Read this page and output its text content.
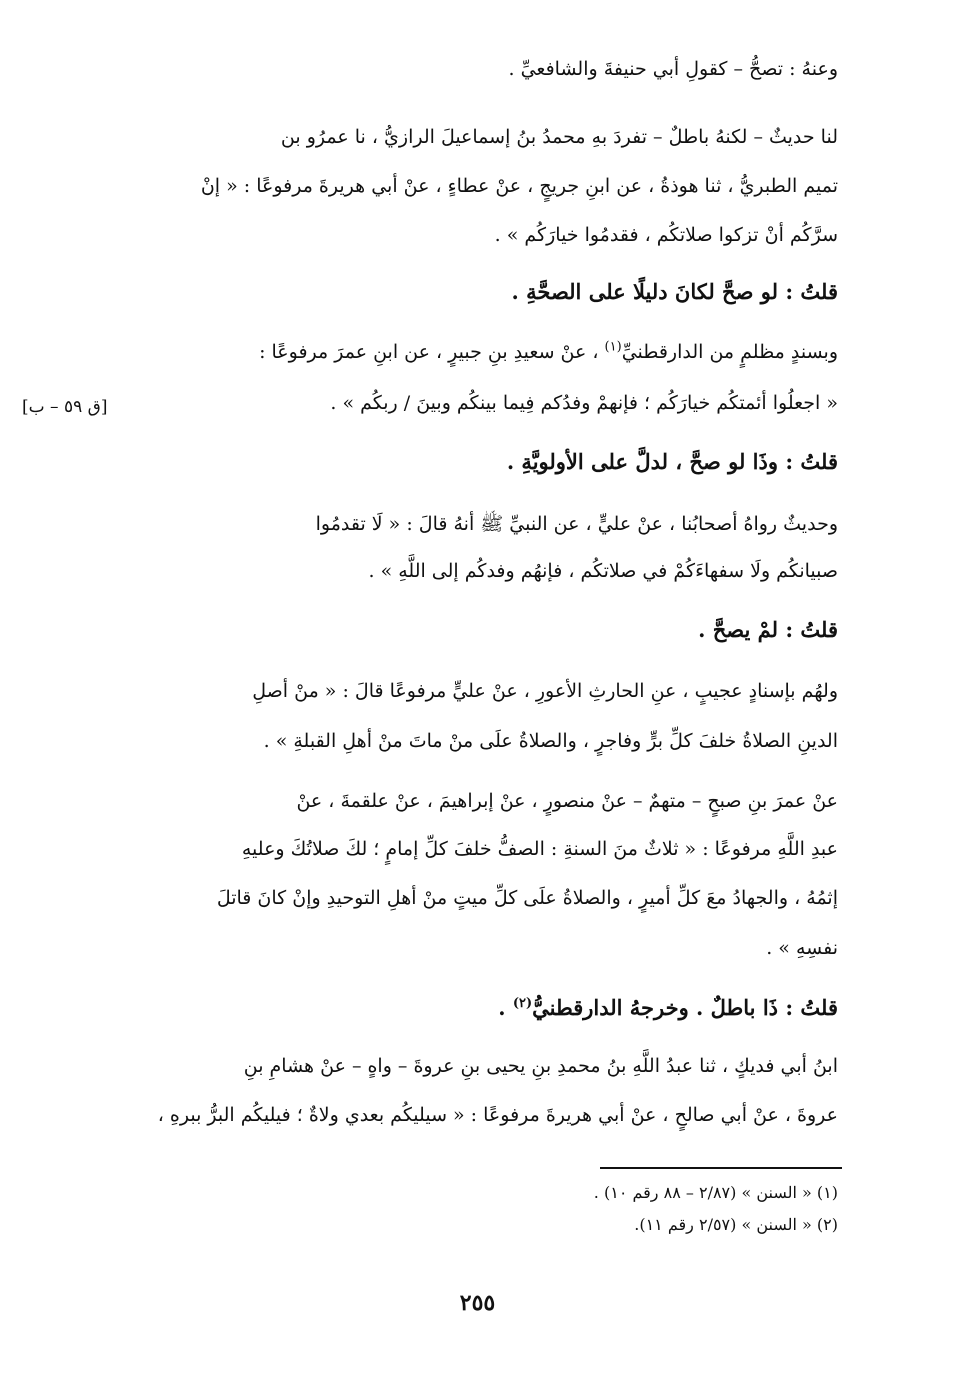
وعنهُ : تصحُّ – كقولِ أبي حنيفةَ والشافعيِّ .
لنا حديثٌ – لكنهُ باطلٌ – تفردَ بهِ محمدُ بنُ إسماعيلَ الرازيُّ ، نا عمرُو بن
تميم الطبريُّ ، ثنا هوذةُ ، عن ابنِ جريجٍ ، عنْ عطاءٍ ، عنْ أبي هريرةَ مرفوعًا : « إنْ
سرَّكُم أنْ تزكوا صلاتكُم ، فقدمُوا خيارَكُم » .
قلتُ : لو صحَّ لكانَ دليلًا على الصحَّةِ .
وبسندٍ مظلمٍ من الدارقطنيِّ$^{(١)}$ ، عنْ سعيدِ بنِ جبيرٍ ، عن ابنِ عمرَ مرفوعًا :
« اجعلُوا أئمتكُم خيارَكُم ؛ فإنهمْ وفدُكم فِيما بينكُم وبينَ / ربكُم » .
[ق ٥٩ – ب]
قلتُ : وذَا لو صحَّ ، لدلَّ على الأولويَّةِ .
وحديثٌ رواهُ أصحابُنا ، عنْ عليٍّ ، عن النبيِّ ﷺ أنهُ قالَ : « لَا تقدمُوا
صبيانكُم ولَا سفهاءَكُمْ في صلاتكُم ، فإنهُم وفدكُم إلى اللَّهِ » .
قلتُ : لمْ يصحَّ .
ولهُم بإسنادٍ عجيبٍ ، عنِ الحارثِ الأعورِ ، عنْ عليٍّ مرفوعًا قالَ : « منْ أصلِ
الدينِ الصلاةُ خلفَ كلِّ برٍّ وفاجرٍ ، والصلاةُ علَى منْ ماتَ منْ أهلِ القبلةِ » .
عنْ عمرَ بنِ صبحٍ – متهمٌ – عنْ منصورٍ ، عنْ إبراهيمَ ، عنْ علقمةَ ، عنْ
عبدِ اللَّهِ مرفوعًا : « ثلاثٌ منَ السنةِ : الصفُّ خلفَ كلِّ إمامٍ ؛ لكَ صلاتُكَ وعليهِ
إثمُهُ ، والجهادُ معَ كلِّ أميرٍ ، والصلاةُ علَى كلِّ ميتٍ منْ أهلِ التوحيدِ وإنْ كانَ قاتلَ
نفسِهِ » .
قلتُ : ذَا باطلٌ . وخرجهُ الدارقطنيُّ$^{(٢)}$ .
ابنُ أبي فديكٍ ، ثنا عبدُ اللَّهِ بنُ محمدِ بنِ يحيى بنِ عروةَ – واهٍ – عنْ هشامِ بنِ
عروةَ ، عنْ أبي صالحٍ ، عنْ أبي هريرةَ مرفوعًا : « سيليكُم بعدي ولاةٌ ؛ فيليكُم البرُّ ببرهِ ،
(١) « السنن » (٢/٨٧ – ٨٨ رقم ١٠) .
(٢) « السنن » (٢/٥٧ رقم ١١).
٢٥٥
